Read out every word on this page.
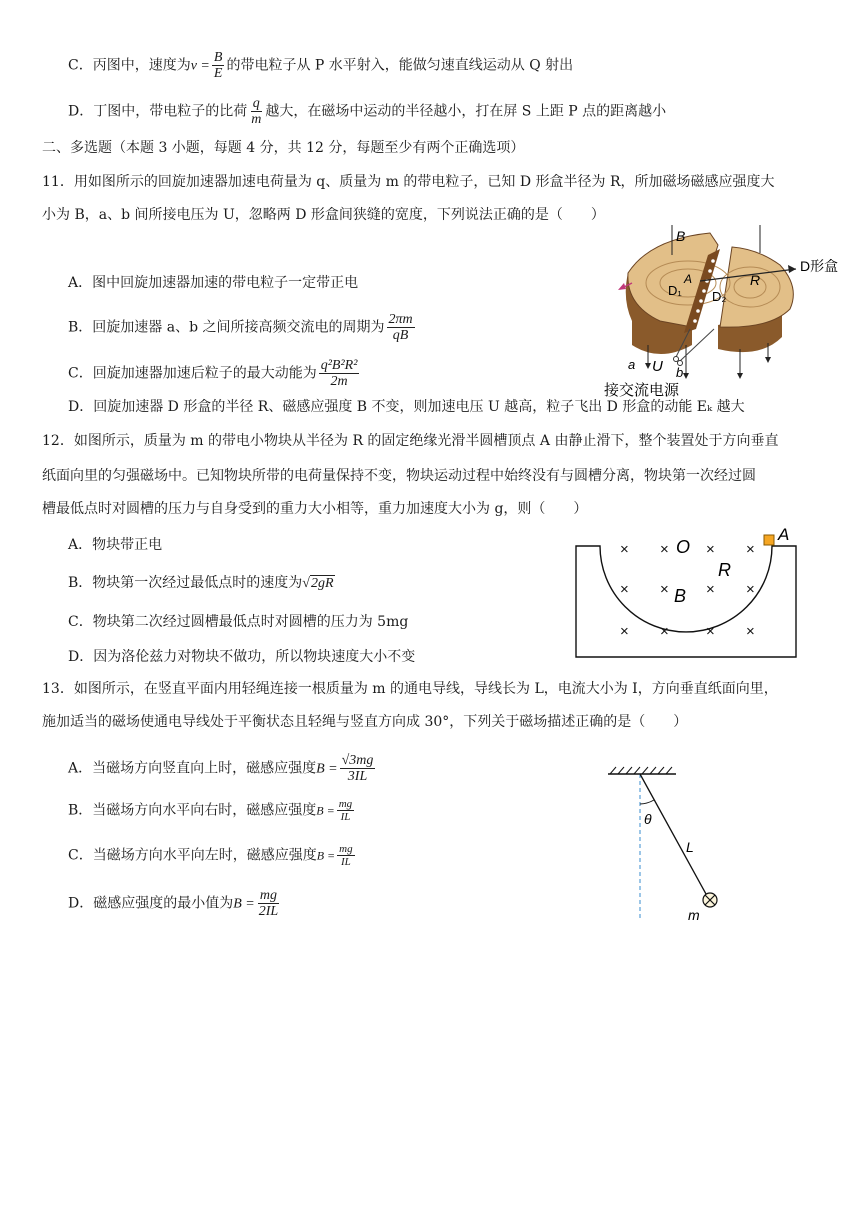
C．丙图中，速度为$v = \frac{B}{E}$ 的带电粒子从 P 水平射入，能做匀速直线运动从 Q 射出
D．丁图中，带电粒子的比荷 $\frac{q}{m}$ 越大，在磁场中运动的半径越小，打在屏 S 上距 P 点的距离越小
二、多选题（本题 3 小题，每题 4 分，共 12 分，每题至少有两个正确选项）
11．用如图所示的回旋加速器加速电荷量为 q、质量为 m 的带电粒子，已知 D 形盒半径为 R，所加磁场磁感应强度大
小为 B，a、b 间所接电压为 U，忽略两 D 形盒间狭缝的宽度，下列说法正确的是（　　）
A．图中回旋加速器加速的带电粒子一定带正电
B．回旋加速器 a、b 之间所接高频交流电的周期为 $\frac{2\pi m}{qB}$
C．回旋加速器加速后粒子的最大动能为 $\frac{\text{q²B²R²}}{2m}$
D．回旋加速器 D 形盒的半径 R、磁感应强度 B 不变，则加速电压 U 越高，粒子飞出 D 形盒的动能 Eₖ 越大
B
A
D₁ D₂
R
D形盒
a U b
接交流电源
12．如图所示，质量为 m 的带电小物块从半径为 R 的固定绝缘光滑半圆槽顶点 A 由静止滑下，整个装置处于方向垂直
纸面向里的匀强磁场中。已知物块所带的电荷量保持不变，物块运动过程中始终没有与圆槽分离，物块第一次经过圆
槽最低点时对圆槽的压力与自身受到的重力大小相等，重力加速度大小为 g，则（　　）
A．物块带正电
B．物块第一次经过最低点时的速度为√2gR
C．物块第二次经过圆槽最低点时对圆槽的压力为 5mg
D．因为洛伦兹力对物块不做功，所以物块速度大小不变
× × × ×
× × × ×
× × × ×
O
A
R
B
13．如图所示，在竖直平面内用轻绳连接一根质量为 m 的通电导线，导线长为 L，电流大小为 I，方向垂直纸面向里，
施加适当的磁场使通电导线处于平衡状态且轻绳与竖直方向成 30°，下列关于磁场描述正确的是（　　）
A．当磁场方向竖直向上时，磁感应强度$B = \frac{√3mg}{3IL}$
B．当磁场方向水平向右时，磁感应强度$B = \frac{mg}{IL}$
C．当磁场方向水平向左时，磁感应强度$B = \frac{mg}{IL}$
D．磁感应强度的最小值为$B = \frac{mg}{2IL}$
θ
L
m
